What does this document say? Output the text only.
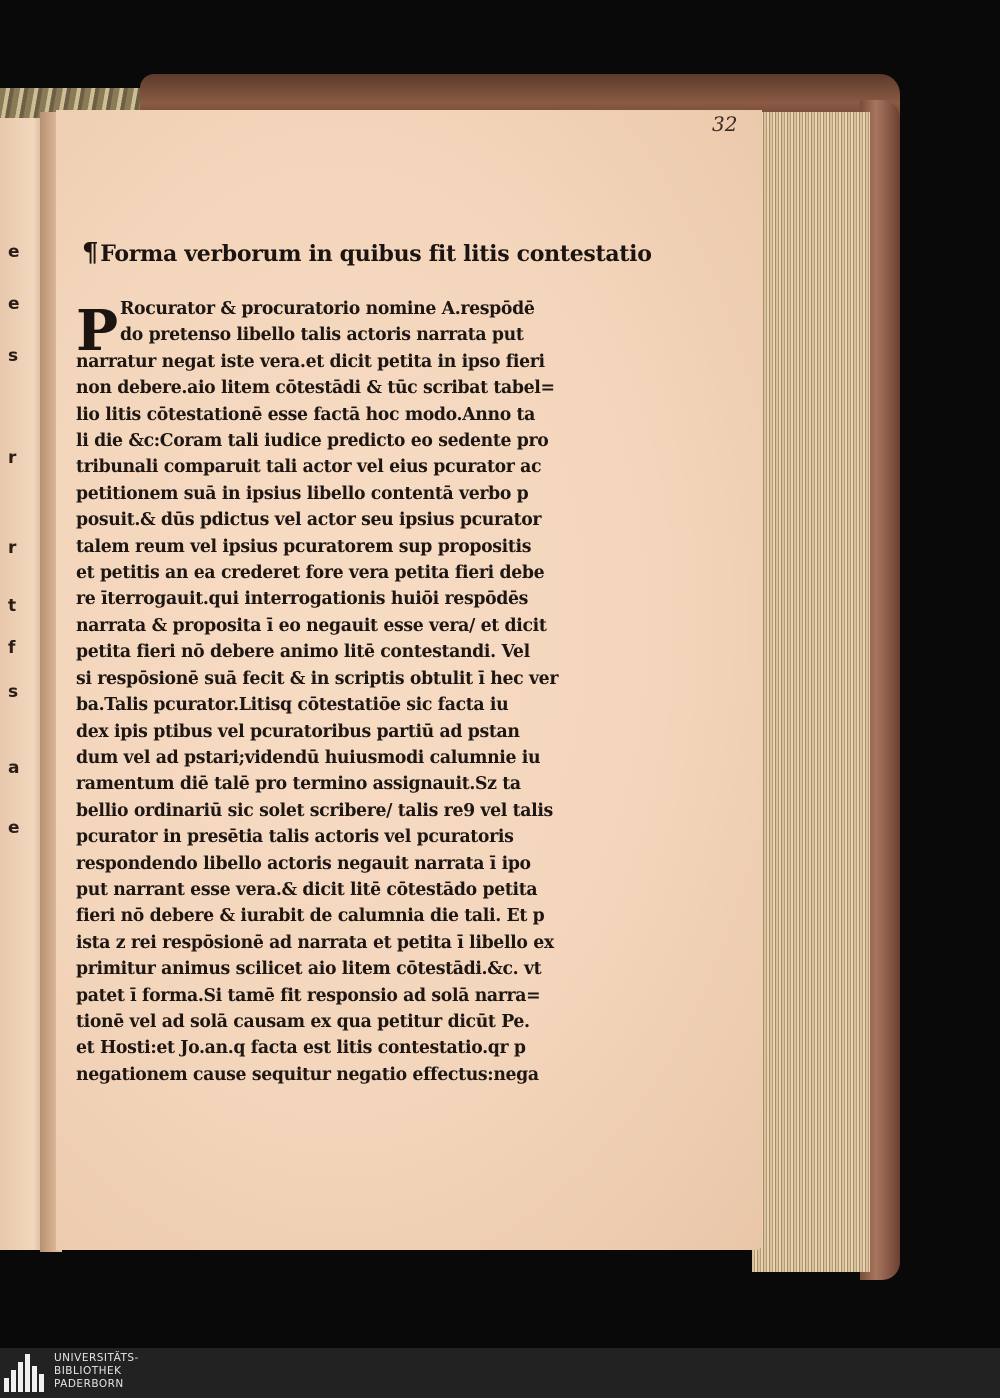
e
e
s
r
r
t
f
s
a
e
32
¶Forma verborum in quibus fit litis contestatio
P Rocurator & procuratorio nomine A.respōdē
do pretenso libello talis actoris narrata put
narratur negat iste vera.et dicit petita in ipso fieri
non debere.aio litem cōtestādi & tūc scribat tabel=
lio litis cōtestationē esse factā hoc modo.Anno ta
li die &c:Coram tali iudice predicto eo sedente pro
tribunali comparuit tali actor vel eius pcurator ac
petitionem suā in ipsius libello contentā verbo p
posuit.& dūs pdictus vel actor seu ipsius pcurator
talem reum vel ipsius pcuratorem sup propositis
et petitis an ea crederet fore vera petita fieri debe
re īterrogauit.qui interrogationis huiōi respōdēs
narrata & proposita ī eo negauit esse vera/ et dicit
petita fieri nō debere animo litē contestandi. Vel
si respōsionē suā fecit & in scriptis obtulit ī hec ver
ba.Talis pcurator.Litisq cōtestatiōe sic facta iu
dex ipis ptibus vel pcuratoribus partiū ad pstan
dum vel ad pstari;videndū huiusmodi calumnie iu
ramentum diē talē pro termino assignauit.Sz ta
bellio ordinariū sic solet scribere/ talis re9 vel talis
pcurator in presētia talis actoris vel pcuratoris
respondendo libello actoris negauit narrata ī ipo
put narrant esse vera.& dicit litē cōtestādo petita
fieri nō debere & iurabit de calumnia die tali. Et p
ista z rei respōsionē ad narrata et petita ī libello ex
primitur animus scilicet aio litem cōtestādi.&c. vt
patet ī forma.Si tamē fit responsio ad solā narra=
tionē vel ad solā causam ex qua petitur dicūt Pe.
et Hosti:et Jo.an.q facta est litis contestatio.qr p
negationem cause sequitur negatio effectus:nega
UNIVERSITÄTS-
BIBLIOTHEK
PADERBORN
